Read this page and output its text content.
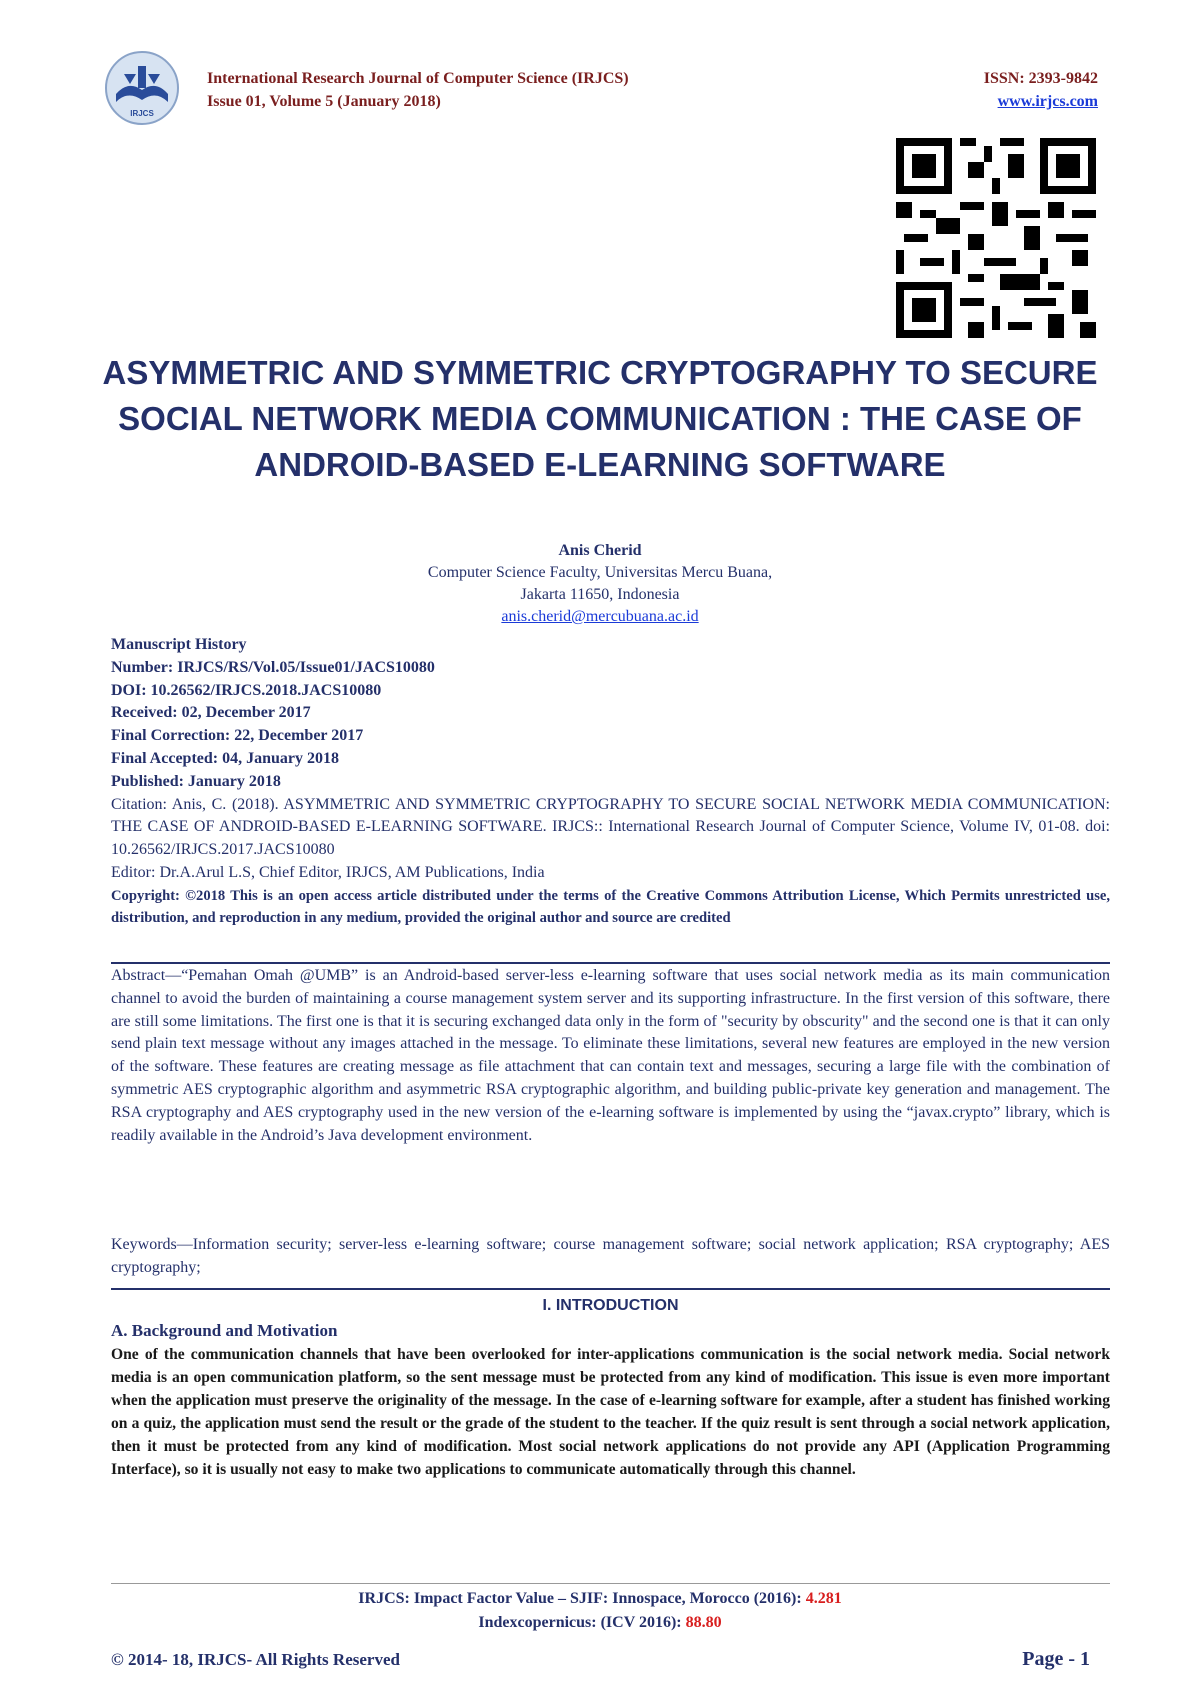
IRJCS
International Research Journal of Computer Science (IRJCS)
Issue 01, Volume 5 (January 2018)
ISSN: 2393-9842
www.irjcs.com
ASYMMETRIC AND SYMMETRIC CRYPTOGRAPHY TO SECURE SOCIAL NETWORK MEDIA COMMUNICATION : THE CASE OF ANDROID-BASED E-LEARNING SOFTWARE
Anis Cherid
Computer Science Faculty, Universitas Mercu Buana,
Jakarta 11650, Indonesia
anis.cherid@mercubuana.ac.id
Manuscript History
Number: IRJCS/RS/Vol.05/Issue01/JACS10080
DOI: 10.26562/IRJCS.2018.JACS10080
Received: 02, December 2017
Final Correction: 22, December 2017
Final Accepted: 04, January 2018
Published: January 2018
Citation: Anis, C. (2018). ASYMMETRIC AND SYMMETRIC CRYPTOGRAPHY TO SECURE SOCIAL NETWORK MEDIA COMMUNICATION: THE CASE OF ANDROID-BASED E-LEARNING SOFTWARE. IRJCS:: International Research Journal of Computer Science, Volume IV, 01-08. doi: 10.26562/IRJCS.2017.JACS10080
Editor: Dr.A.Arul L.S, Chief Editor, IRJCS, AM Publications, India
Copyright: ©2018 This is an open access article distributed under the terms of the Creative Commons Attribution License, Which Permits unrestricted use, distribution, and reproduction in any medium, provided the original author and source are credited

Abstract—“Pemahan Omah @UMB” is an Android-based server-less e-learning software that uses social network media as its main communication channel to avoid the burden of maintaining a course management system server and its supporting infrastructure. In the first version of this software, there are still some limitations. The first one is that it is securing exchanged data only in the form of "security by obscurity" and the second one is that it can only send plain text message without any images attached in the message. To eliminate these limitations, several new features are employed in the new version of the software. These features are creating message as file attachment that can contain text and messages, securing a large file with the combination of symmetric AES cryptographic algorithm and asymmetric RSA cryptographic algorithm, and building public-private key generation and management. The RSA cryptography and AES cryptography used in the new version of the e-learning software is implemented by using the “javax.crypto” library, which is readily available in the Android’s Java development environment.

Keywords—Information security; server-less e-learning software; course management software; social network application; RSA cryptography; AES cryptography;

I. INTRODUCTION
A. Background and Motivation

One of the communication channels that have been overlooked for inter-applications communication is the social network media. Social network media is an open communication platform, so the sent message must be protected from any kind of modification. This issue is even more important when the application must preserve the originality of the message. In the case of e-learning software for example, after a student has finished working on a quiz, the application must send the result or the grade of the student to the teacher. If the quiz result is sent through a social network application, then it must be protected from any kind of modification. Most social network applications do not provide any API (Application Programming Interface), so it is usually not easy to make two applications to communicate automatically through this channel.

IRJCS: Impact Factor Value – SJIF: Innospace, Morocco (2016): 4.281
Indexcopernicus: (ICV 2016): 88.80
© 2014- 18, IRJCS- All Rights Reserved	Page - 1
